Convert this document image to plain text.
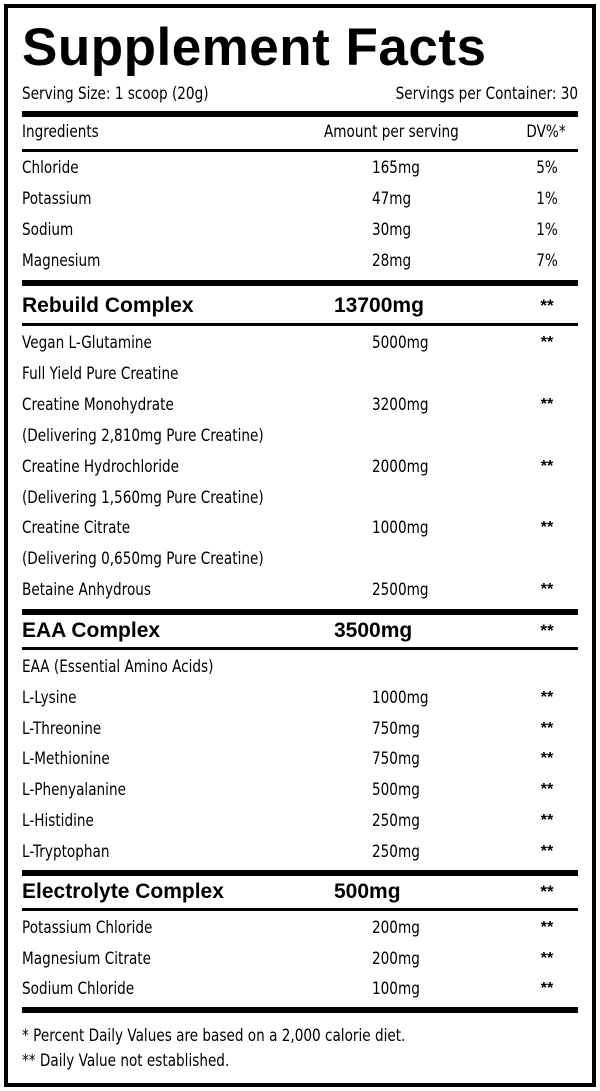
Supplement Facts
Serving Size: 1 scoop (20g)	Servings per Container: 30
Ingredients	Amount per serving	DV%*
Chloride	165mg	5%
Potassium	47mg	1%
Sodium	30mg	1%
Magnesium	28mg	7%
Rebuild Complex	13700mg	**
Vegan L-Glutamine	5000mg	**
Full Yield Pure Creatine
Creatine Monohydrate	3200mg	**
(Delivering 2,810mg Pure Creatine)
Creatine Hydrochloride	2000mg	**
(Delivering 1,560mg Pure Creatine)
Creatine Citrate	1000mg	**
(Delivering 0,650mg Pure Creatine)
Betaine Anhydrous	2500mg	**
EAA Complex	3500mg	**
EAA (Essential Amino Acids)
L-Lysine	1000mg	**
L-Threonine	750mg	**
L-Methionine	750mg	**
L-Phenyalanine	500mg	**
L-Histidine	250mg	**
L-Tryptophan	250mg	**
Electrolyte Complex	500mg	**
Potassium Chloride	200mg	**
Magnesium Citrate	200mg	**
Sodium Chloride	100mg	**
* Percent Daily Values are based on a 2,000 calorie diet.
** Daily Value not established.
